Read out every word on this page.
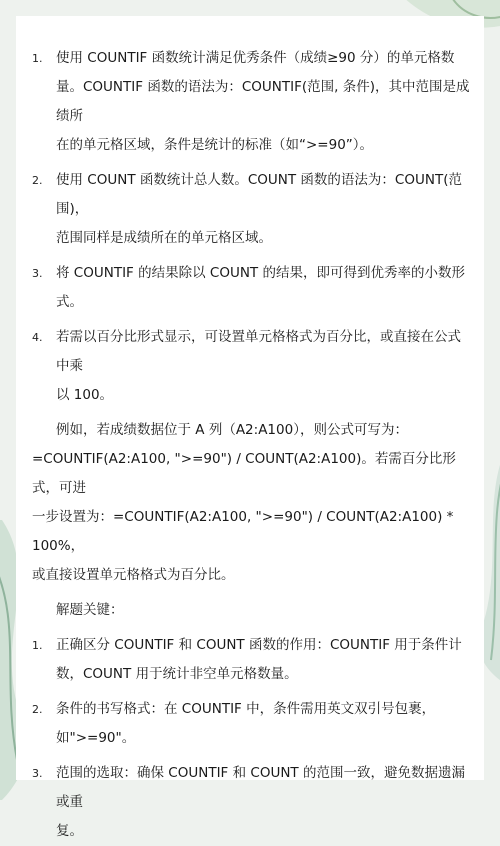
1. 使用 COUNTIF 函数统计满足优秀条件（成绩≥90 分）的单元格数
量。COUNTIF 函数的语法为：COUNTIF(范围, 条件)，其中范围是成绩所
在的单元格区域，条件是统计的标准（如“>=90”）。

2. 使用 COUNT 函数统计总人数。COUNT 函数的语法为：COUNT(范围)，
范围同样是成绩所在的单元格区域。

3. 将 COUNTIF 的结果除以 COUNT 的结果，即可得到优秀率的小数形式。

4. 若需以百分比形式显示，可设置单元格格式为百分比，或直接在公式中乘
以 100。

例如，若成绩数据位于 A 列（A2:A100），则公式可写为：
=COUNTIF(A2:A100, ">=90") / COUNT(A2:A100)。若需百分比形式，可进
一步设置为：=COUNTIF(A2:A100, ">=90") / COUNT(A2:A100) * 100%，
或直接设置单元格格式为百分比。

解题关键：

1. 正确区分 COUNTIF 和 COUNT 函数的作用：COUNTIF 用于条件计
数，COUNT 用于统计非空单元格数量。

2. 条件的书写格式：在 COUNTIF 中，条件需用英文双引号包裹，
如">=90"。

3. 范围的选取：确保 COUNTIF 和 COUNT 的范围一致，避免数据遗漏或重
复。
